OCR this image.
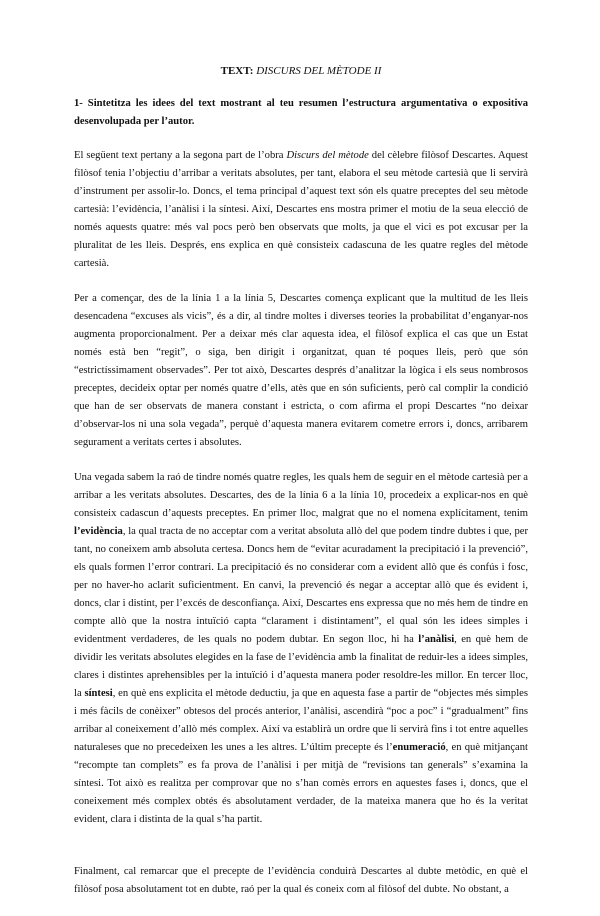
TEXT: DISCURS DEL MÈTODE II
1- Sintetitza les idees del text mostrant al teu resumen l’estructura argumentativa o expositiva desenvolupada per l’autor.

El següent text pertany a la segona part de l’obra Discurs del mètode del cèlebre filòsof Descartes. Aquest filòsof tenia l’objectiu d’arribar a veritats absolutes, per tant, elabora el seu mètode cartesià que li servirà d’instrument per assolir-lo. Doncs, el tema principal d’aquest text són els quatre preceptes del seu mètode cartesià: l’evidència, l’anàlisi i la síntesi. Així, Descartes ens mostra primer el motiu de la seua elecció de només aquests quatre: més val pocs però ben observats que molts, ja que el vici es pot excusar per la pluralitat de les lleis. Després, ens explica en què consisteix cadascuna de les quatre regles del mètode cartesià.

Per a començar, des de la línia 1 a la línia 5, Descartes comença explicant que la multitud de les lleis desencadena “excuses als vicis”, és a dir, al tindre moltes i diverses teories la probabilitat d’enganyar-nos augmenta proporcionalment. Per a deixar més clar aquesta idea, el filòsof explica el cas que un Estat només està ben “regit”, o siga, ben dirigit i organitzat, quan té poques lleis, però que són “estrictíssimament observades”. Per tot això, Descartes després d’analitzar la lògica i els seus nombrosos preceptes, decideix optar per només quatre d’ells, atès que en són suficients, però cal complir la condició que han de ser observats de manera constant i estricta, o com afirma el propi Descartes “no deixar d’observar-los ni una sola vegada”, perquè d’aquesta manera evitarem cometre errors i, doncs, arribarem segurament a veritats certes i absolutes.

Una vegada sabem la raó de tindre només quatre regles, les quals hem de seguir en el mètode cartesià per a arribar a les veritats absolutes. Descartes, des de la línia 6 a la línia 10, procedeix a explicar-nos en què consisteix cadascun d’aquests preceptes. En primer lloc, malgrat que no el nomena explícitament, tenim l’evidència, la qual tracta de no acceptar com a veritat absoluta allò del que podem tindre dubtes i que, per tant, no coneixem amb absoluta certesa. Doncs hem de “evitar acuradament la precipitació i la prevenció”, els quals formen l’error contrari. La precipitació és no considerar com a evident allò que és confús i fosc, per no haver-ho aclarit suficientment. En canvi, la prevenció és negar a acceptar allò que és evident i, doncs, clar i distint, per l’excés de desconfiança. Així, Descartes ens expressa que no més hem de tindre en compte allò que la nostra intuïció capta “clarament i distintament”, el qual són les idees simples i evidentment verdaderes, de les quals no podem dubtar. En segon lloc, hi ha l’anàlisi, en què hem de dividir les veritats absolutes elegides en la fase de l’evidència amb la finalitat de reduir-les a idees simples, clares i distintes aprehensibles per la intuïció i d’aquesta manera poder resoldre-les millor. En tercer lloc, la síntesi, en què ens explicita el mètode deductiu, ja que en aquesta fase a partir de “objectes més simples i més fàcils de conèixer” obtesos del procés anterior, l’anàlisi, ascendirà “poc a poc” i “gradualment” fins arribar al coneixement d’allò més complex. Així va establirà un ordre que li servirà fins i tot entre aquelles naturaleses que no precedeixen les unes a les altres. L’últim precepte és l’enumeració, en què mitjançant “recompte tan complets” es fa prova de l’anàlisi i per mitjà de “revisions tan generals” s’examina la síntesi. Tot això es realitza per comprovar que no s’han comès errors en aquestes fases i, doncs, que el coneixement més complex obtés és absolutament verdader, de la mateixa manera que ho és la veritat evident, clara i distinta de la qual s’ha partit.

Finalment, cal remarcar que el precepte de l’evidència conduirà Descartes al dubte metòdic, en què el filòsof posa absolutament tot en dubte, raó per la qual és coneix com al filòsof del dubte. No obstant, a
